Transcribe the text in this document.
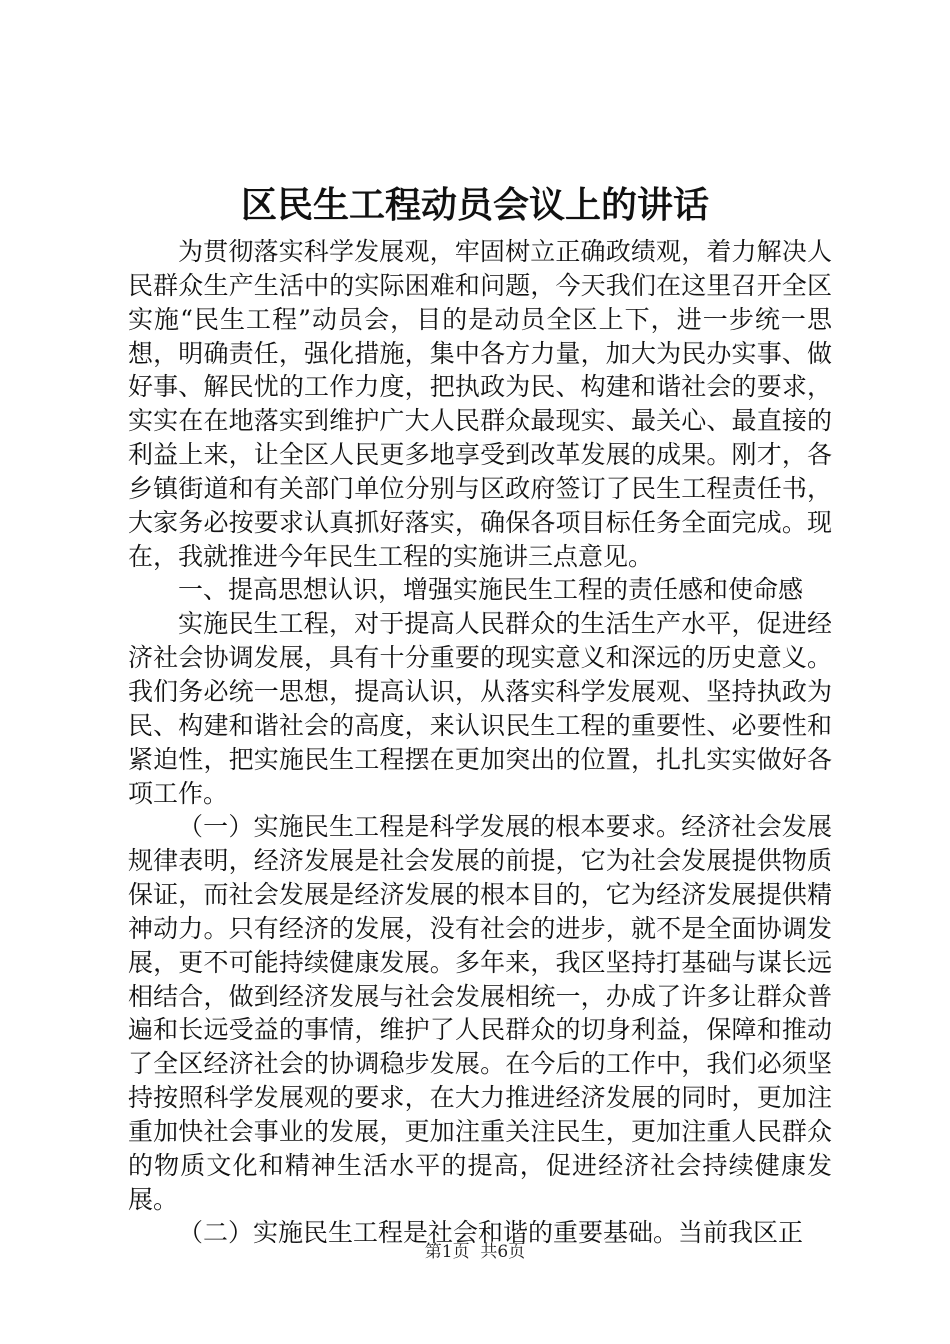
区民生工程动员会议上的讲话

为贯彻落实科学发展观，牢固树立正确政绩观，着力解决人民群众生产生活中的实际困难和问题，今天我们在这里召开全区实施“民生工程”动员会，目的是动员全区上下，进一步统一思想，明确责任，强化措施，集中各方力量，加大为民办实事、做好事、解民忧的工作力度，把执政为民、构建和谐社会的要求，实实在在地落实到维护广大人民群众最现实、最关心、最直接的利益上来，让全区人民更多地享受到改革发展的成果。刚才，各乡镇街道和有关部门单位分别与区政府签订了民生工程责任书，大家务必按要求认真抓好落实，确保各项目标任务全面完成。现在，我就推进今年民生工程的实施讲三点意见。

一、提高思想认识，增强实施民生工程的责任感和使命感

实施民生工程，对于提高人民群众的生活生产水平，促进经济社会协调发展，具有十分重要的现实意义和深远的历史意义。我们务必统一思想，提高认识，从落实科学发展观、坚持执政为民、构建和谐社会的高度，来认识民生工程的重要性、必要性和紧迫性，把实施民生工程摆在更加突出的位置，扎扎实实做好各项工作。

（一）实施民生工程是科学发展的根本要求。经济社会发展规律表明，经济发展是社会发展的前提，它为社会发展提供物质保证，而社会发展是经济发展的根本目的，它为经济发展提供精神动力。只有经济的发展，没有社会的进步，就不是全面协调发展，更不可能持续健康发展。多年来，我区坚持打基础与谋长远相结合，做到经济发展与社会发展相统一，办成了许多让群众普遍和长远受益的事情，维护了人民群众的切身利益，保障和推动了全区经济社会的协调稳步发展。在今后的工作中，我们必须坚持按照科学发展观的要求，在大力推进经济发展的同时，更加注重加快社会事业的发展，更加注重关注民生，更加注重人民群众的物质文化和精神生活水平的提高，促进经济社会持续健康发展。

（二）实施民生工程是社会和谐的重要基础。当前我区正

第1页 共6页
